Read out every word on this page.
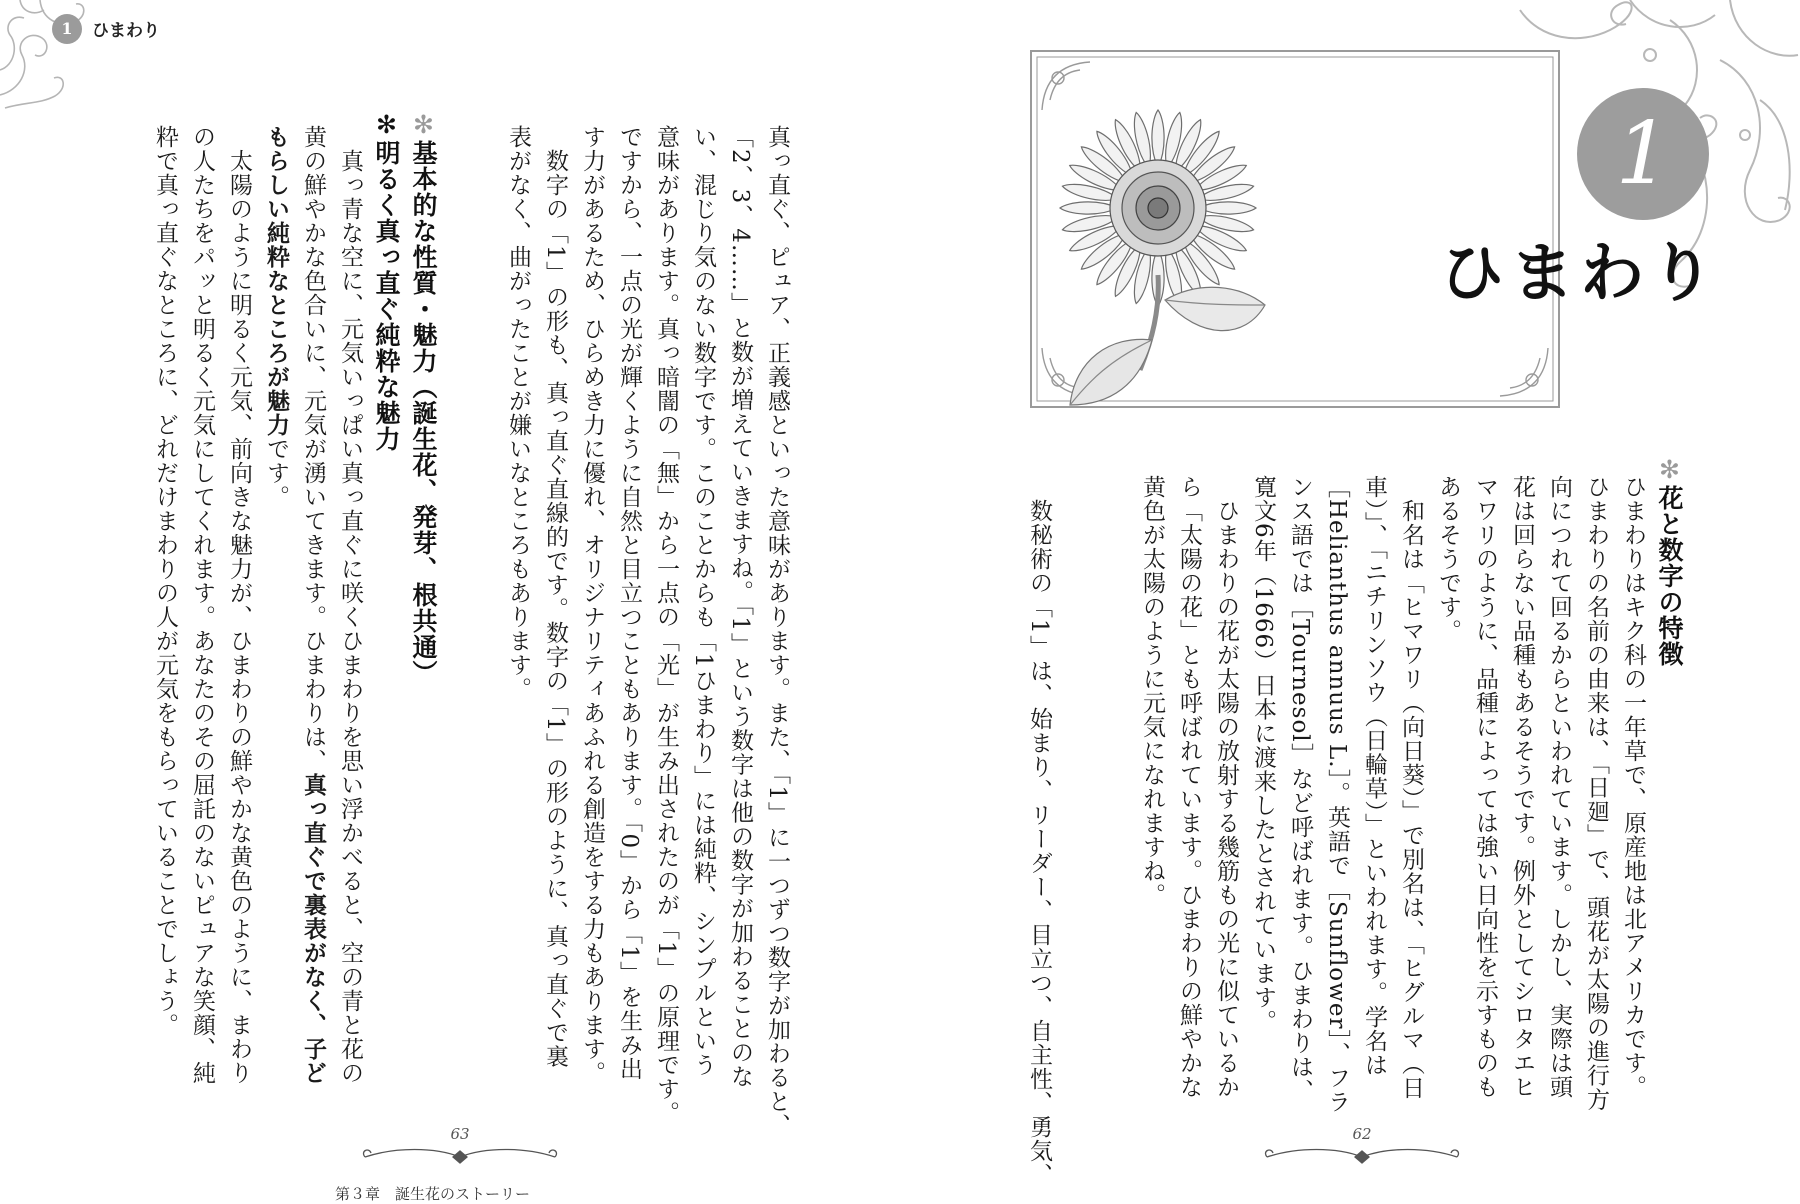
1	ひまわり
1
ひまわり
✻花と数字の特徴
ひまわりはキク科の一年草で、原産地は北アメリカです。
ひまわりの名前の由来は、「日廻」で、頭花が太陽の進行方
向につれて回るからといわれています。しかし、実際は頭
花は回らない品種もあるそうです。例外としてシロタエヒ
マワリのように、品種によっては強い日向性を示すものも
あるそうです。
　和名は「ヒマワリ（向日葵）」で別名は、「ヒグルマ（日
車）」、「ニチリンソウ（日輪草）」といわれます。学名は
［Helianthus annuus L.］。英語で［Sunflower］、フラ
ンス語では［Tournesol］など呼ばれます。ひまわりは、
寛文6年（1666）日本に渡来したとされています。
　ひまわりの花が太陽の放射する幾筋もの光に似ているか
ら「太陽の花」とも呼ばれています。ひまわりの鮮やかな
黄色が太陽のように元気になれますね。
　数秘術の「1」は、始まり、リーダー、目立つ、自主性、勇気、
真っ直ぐ、ピュア、正義感といった意味があります。また、「1」に一つずつ数字が加わると、
「2、3、4……」と数が増えていきますね。「1」という数字は他の数字が加わることのな
い、混じり気のない数字です。このことからも「1ひまわり」には純粋、シンプルという
意味があります。真っ暗闇の「無」から一点の「光」が生み出されたのが「1」の原理です。
ですから、一点の光が輝くように自然と目立つこともあります。「0」から「1」を生み出
す力があるため、ひらめき力に優れ、オリジナリティあふれる創造をする力もあります。
　数字の「1」の形も、真っ直ぐ直線的です。数字の「1」の形のように、真っ直ぐで裏
表がなく、曲がったことが嫌いなところもあります。
✻基本的な性質・魅力（誕生花、発芽、根共通）
✻明るく真っ直ぐ純粋な魅力
　真っ青な空に、元気いっぱい真っ直ぐに咲くひまわりを思い浮かべると、空の青と花の
黄の鮮やかな色合いに、元気が湧いてきます。ひまわりは、真っ直ぐで裏表がなく、子ど
もらしい純粋なところが魅力です。
　太陽のように明るく元気、前向きな魅力が、ひまわりの鮮やかな黄色のように、まわり
の人たちをパッと明るく元気にしてくれます。あなたのその屈託のないピュアな笑顔、純
粋で真っ直ぐなところに、どれだけまわりの人が元気をもらっていることでしょう。
63	62
第３章　誕生花のストーリー
